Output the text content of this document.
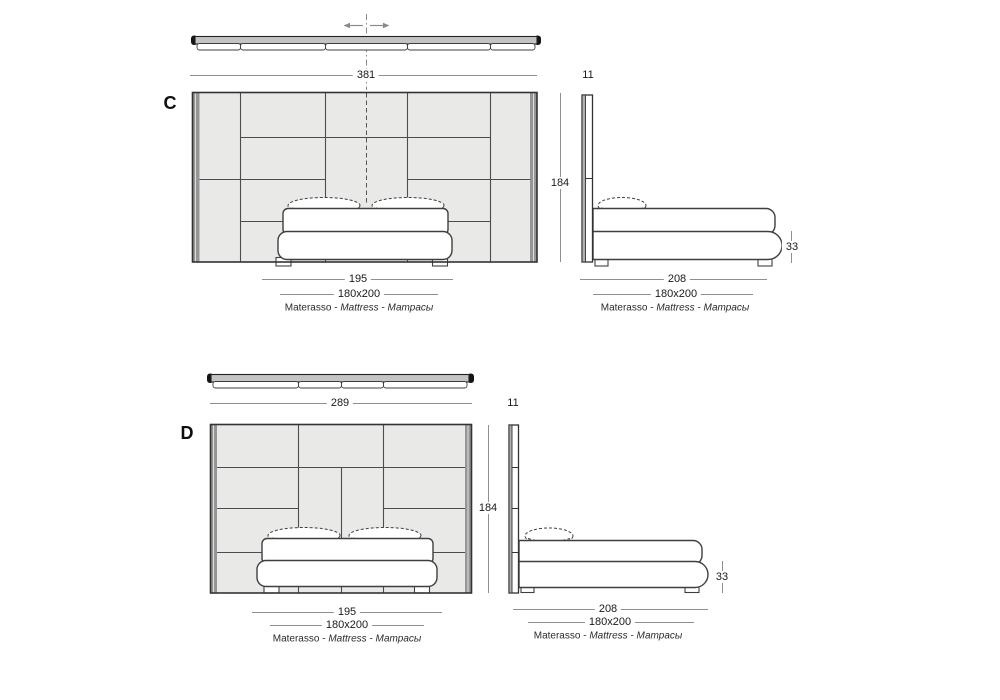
C
381	11
184
195
180x200
Materasso - Mattress - Матрасы
208
180x200
Materasso - Mattress - Матрасы
33
D
289	11
184
195
180x200
Materasso - Mattress - Матрасы
208
180x200
Materasso - Mattress - Матрасы
33
